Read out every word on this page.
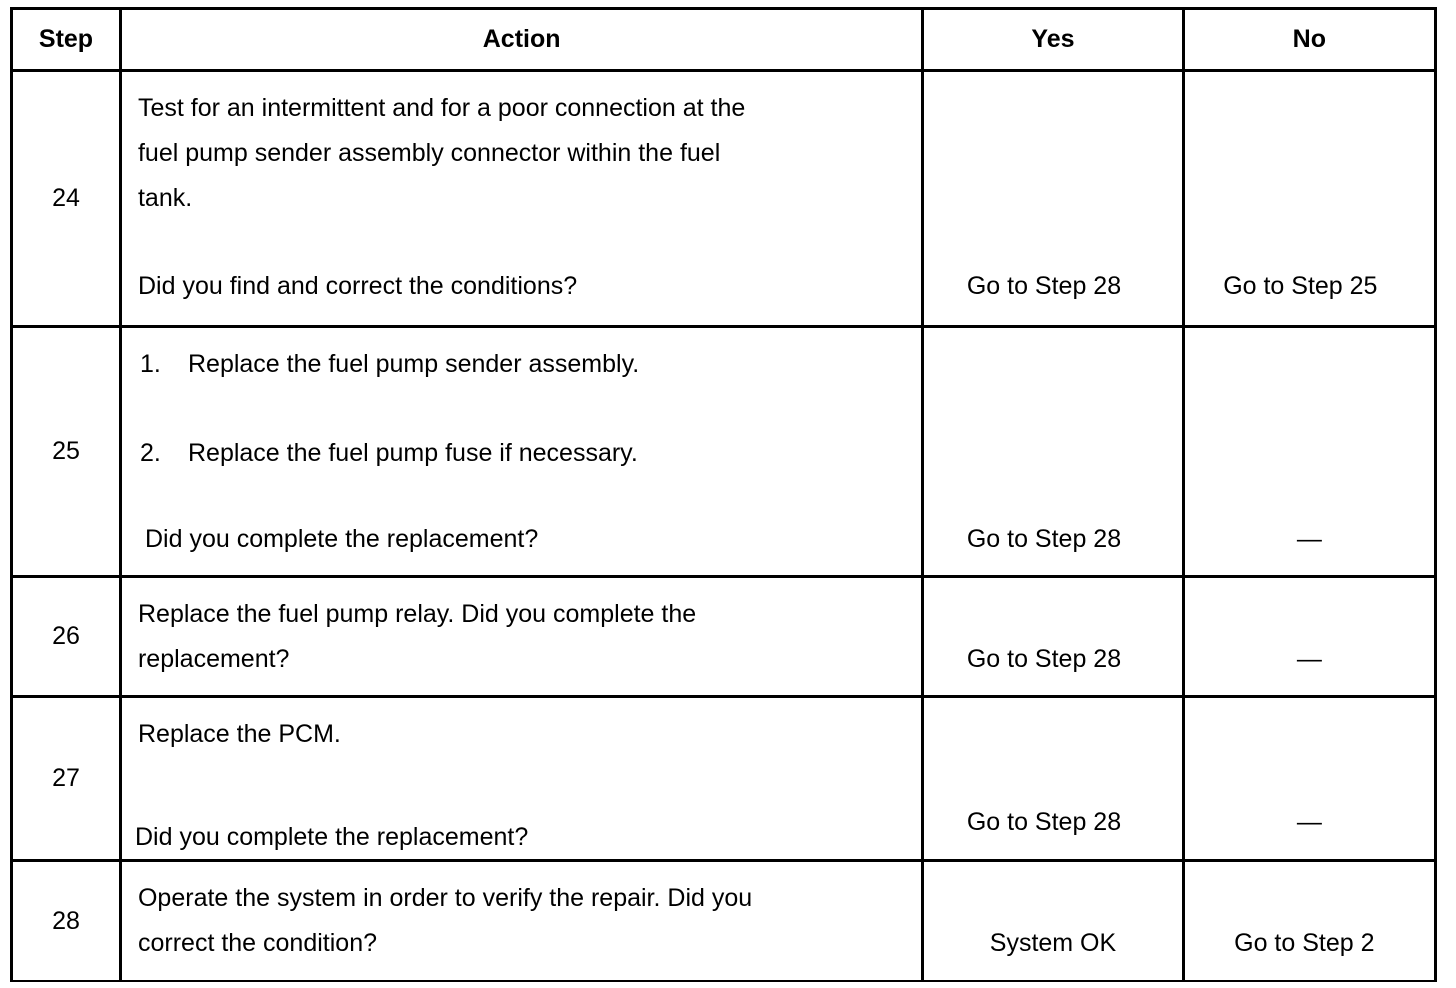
Step	Action	Yes	No
24	Test for an intermittent and for a poor connection at the
fuel pump sender assembly connector within the fuel
tank.
Did you find and correct the conditions?	Go to Step 28	Go to Step 25

25	1. Replace the fuel pump sender assembly.
2. Replace the fuel pump fuse if necessary.
Did you complete the replacement?	Go to Step 28	—

26	Replace the fuel pump relay. Did you complete the
replacement?	Go to Step 28	—

27	Replace the PCM.
Did you complete the replacement?	Go to Step 28	—

28	Operate the system in order to verify the repair. Did you
correct the condition?	System OK	Go to Step 2
